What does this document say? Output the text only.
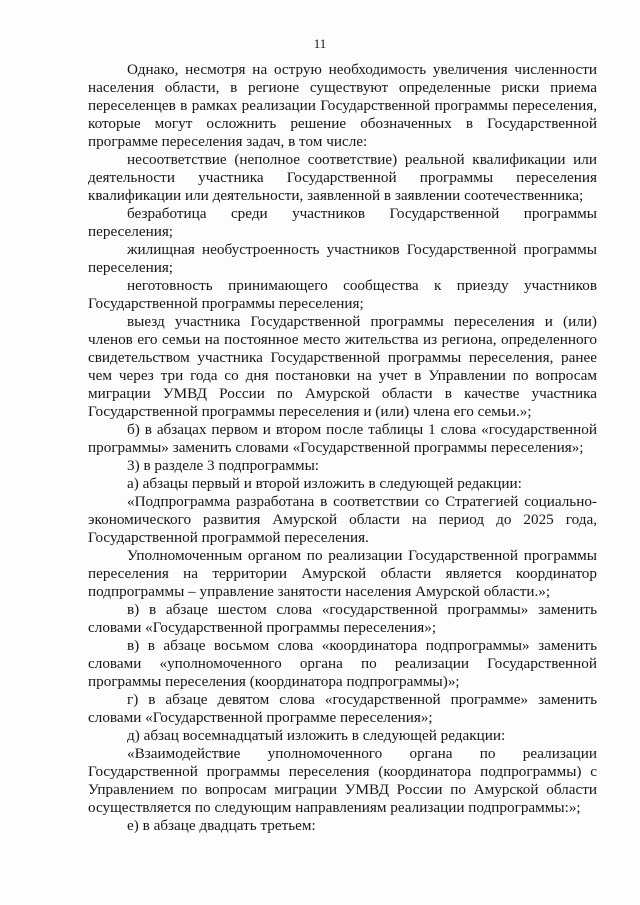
11

Однако, несмотря на острую необходимость увеличения численности населения области, в регионе существуют определенные риски приема переселенцев в рамках реализации Государственной программы переселения, которые могут осложнить решение обозначенных в Государственной программе переселения задач, в том числе:

несоответствие (неполное соответствие) реальной квалификации или деятельности участника Государственной программы переселения квалификации или деятельности, заявленной в заявлении соотечественника;

безработица среди участников Государственной программы переселения;

жилищная необустроенность участников Государственной программы переселения;

неготовность принимающего сообщества к приезду участников Государственной программы переселения;

выезд участника Государственной программы переселения и (или) членов его семьи на постоянное место жительства из региона, определенного свидетельством участника Государственной программы переселения, ранее чем через три года со дня постановки на учет в Управлении по вопросам миграции УМВД России по Амурской области в качестве участника Государственной программы переселения и (или) члена его семьи.»;

б) в абзацах первом и втором после таблицы 1 слова «государственной программы» заменить словами «Государственной программы переселения»;

3) в разделе 3 подпрограммы:

а) абзацы первый и второй изложить в следующей редакции:

«Подпрограмма разработана в соответствии со Стратегией социально-экономического развития Амурской области на период до 2025 года, Государственной программой переселения.

Уполномоченным органом по реализации Государственной программы переселения на территории Амурской области является координатор подпрограммы – управление занятости населения Амурской области.»;

в) в абзаце шестом слова «государственной программы» заменить словами «Государственной программы переселения»;

в) в абзаце восьмом слова «координатора подпрограммы» заменить словами «уполномоченного органа по реализации Государственной программы переселения (координатора подпрограммы)»;

г) в абзаце девятом слова «государственной программе» заменить словами «Государственной программе переселения»;

д) абзац восемнадцатый изложить в следующей редакции:

«Взаимодействие уполномоченного органа по реализации Государственной программы переселения (координатора подпрограммы) с Управлением по вопросам миграции УМВД России по Амурской области осуществляется по следующим направлениям реализации подпрограммы:»;

е) в абзаце двадцать третьем:
